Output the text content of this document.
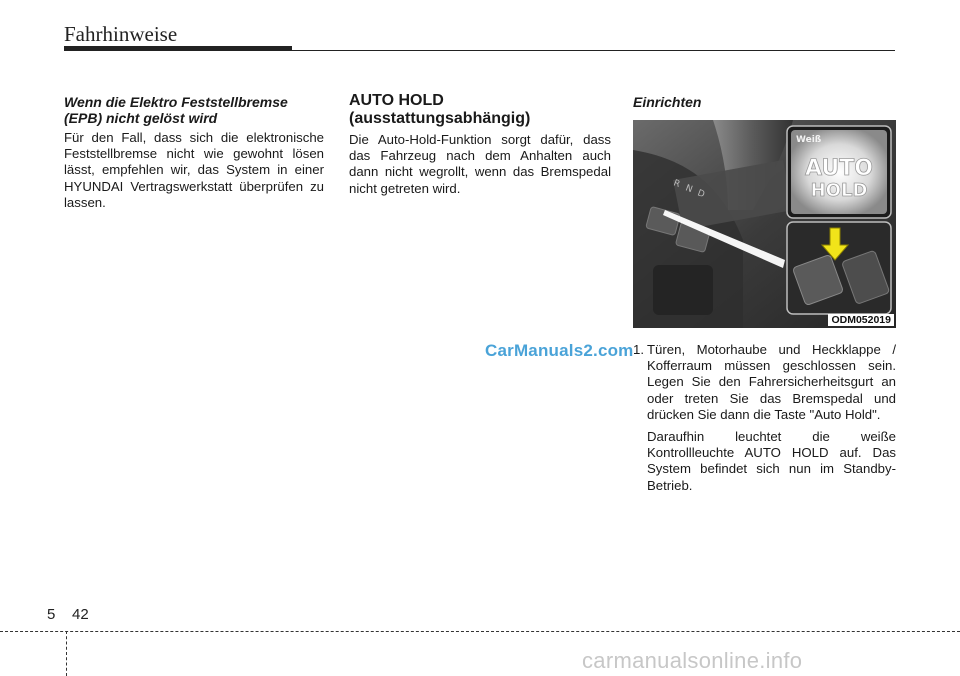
Fahrhinweise
Wenn die Elektro Feststellbremse (EPB) nicht gelöst wird

Für den Fall, dass sich die elektronische Feststellbremse nicht wie gewohnt lösen lässt, empfehlen wir, das System in einer HYUNDAI Vertragswerkstatt überprüfen zu lassen.

AUTO HOLD
(ausstattungsabhängig)

Die Auto-Hold-Funktion sorgt dafür, dass das Fahrzeug nach dem Anhalten auch dann nicht wegrollt, wenn das Bremspedal nicht getreten wird.

Einrichten
R N D
Weiß
AUTO
HOLD
ODM052019
1. Türen, Motorhaube und Heckklappe / Kofferraum müssen geschlossen sein. Legen Sie den Fahrersicherheitsgurt an oder treten Sie das Bremspedal und drücken Sie dann die Taste "Auto Hold".
Daraufhin leuchtet die weiße Kontrollleuchte AUTO HOLD auf. Das System befindet sich nun im Standby-Betrieb.
CarManuals2.com
5 42
carmanualsonline.info
